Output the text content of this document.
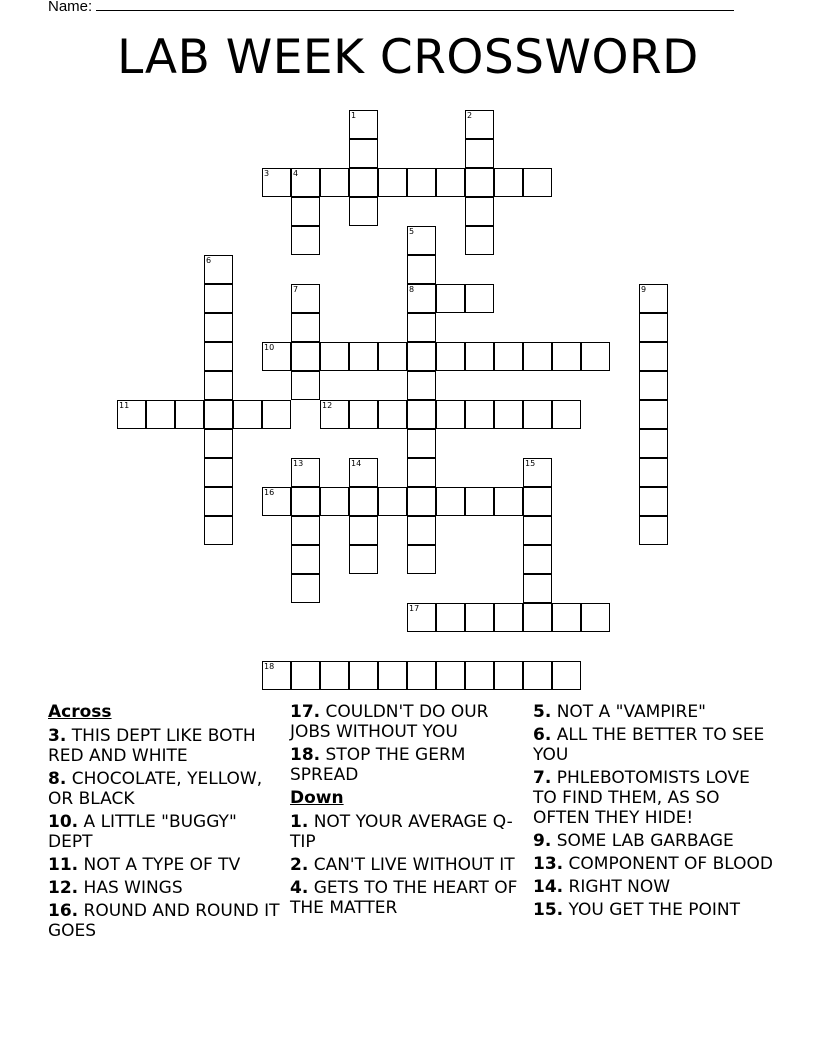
Name:
LAB WEEK CROSSWORD
1	2
3	4
5
8
6
7	9
10
11	12
13	14	15
16
17
18
Across
3. THIS DEPT LIKE BOTH RED AND WHITE
8. CHOCOLATE, YELLOW, OR BLACK
10. A LITTLE "BUGGY" DEPT
11. NOT A TYPE OF TV
12. HAS WINGS
16. ROUND AND ROUND IT GOES
17. COULDN'T DO OUR JOBS WITHOUT YOU
18. STOP THE GERM SPREAD
Down
1. NOT YOUR AVERAGE Q-TIP
2. CAN'T LIVE WITHOUT IT
4. GETS TO THE HEART OF THE MATTER
5. NOT A "VAMPIRE"
6. ALL THE BETTER TO SEE YOU
7. PHLEBOTOMISTS LOVE TO FIND THEM, AS SO OFTEN THEY HIDE!
9. SOME LAB GARBAGE
13. COMPONENT OF BLOOD
14. RIGHT NOW
15. YOU GET THE POINT
